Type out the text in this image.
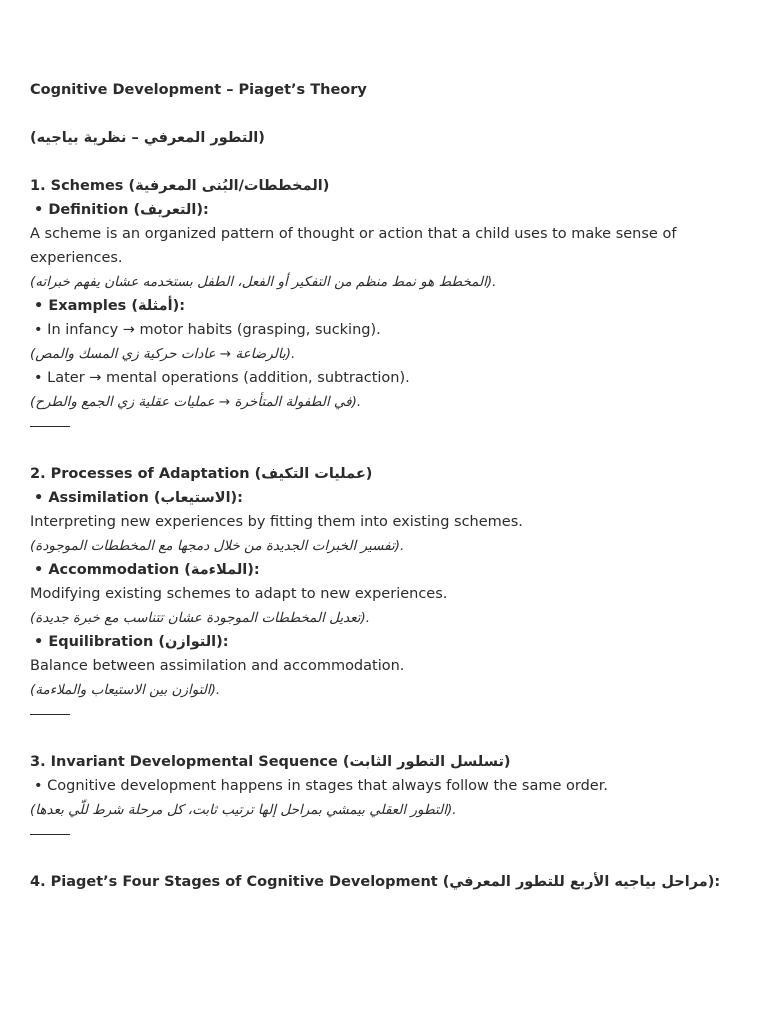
Cognitive Development – Piaget’s Theory
(التطور المعرفي – نظرية بياجيه)
1. Schemes (المخططات/البُنى المعرفية)
• Definition (التعريف):
A scheme is an organized pattern of thought or action that a child uses to make sense of experiences.
.(المخطط هو نمط منظم من التفكير أو الفعل، الطفل بستخدمه عشان يفهم خبراته)
• Examples (أمثلة):
• In infancy → motor habits (grasping, sucking).
.(بالرضاعة → عادات حركية زي المسك والمص)
• Later → mental operations (addition, subtraction).
.(في الطفولة المتأخرة → عمليات عقلية زي الجمع والطرح)
2. Processes of Adaptation (عمليات التكيف)
• Assimilation (الاستيعاب):
Interpreting new experiences by fitting them into existing schemes.
.(تفسير الخبرات الجديدة من خلال دمجها مع المخططات الموجودة)
• Accommodation (الملاءمة):
Modifying existing schemes to adapt to new experiences.
.(تعديل المخططات الموجودة عشان تتناسب مع خبرة جديدة)
• Equilibration (التوازن):
Balance between assimilation and accommodation.
.(التوازن بين الاستيعاب والملاءمة)
3. Invariant Developmental Sequence (تسلسل التطور الثابت)
• Cognitive development happens in stages that always follow the same order.
.(التطور العقلي بيمشي بمراحل إلها ترتيب ثابت، كل مرحلة شرط للّي بعدها)
4. Piaget’s Four Stages of Cognitive Development (مراحل بياجيه الأربع للتطور المعرفي):
